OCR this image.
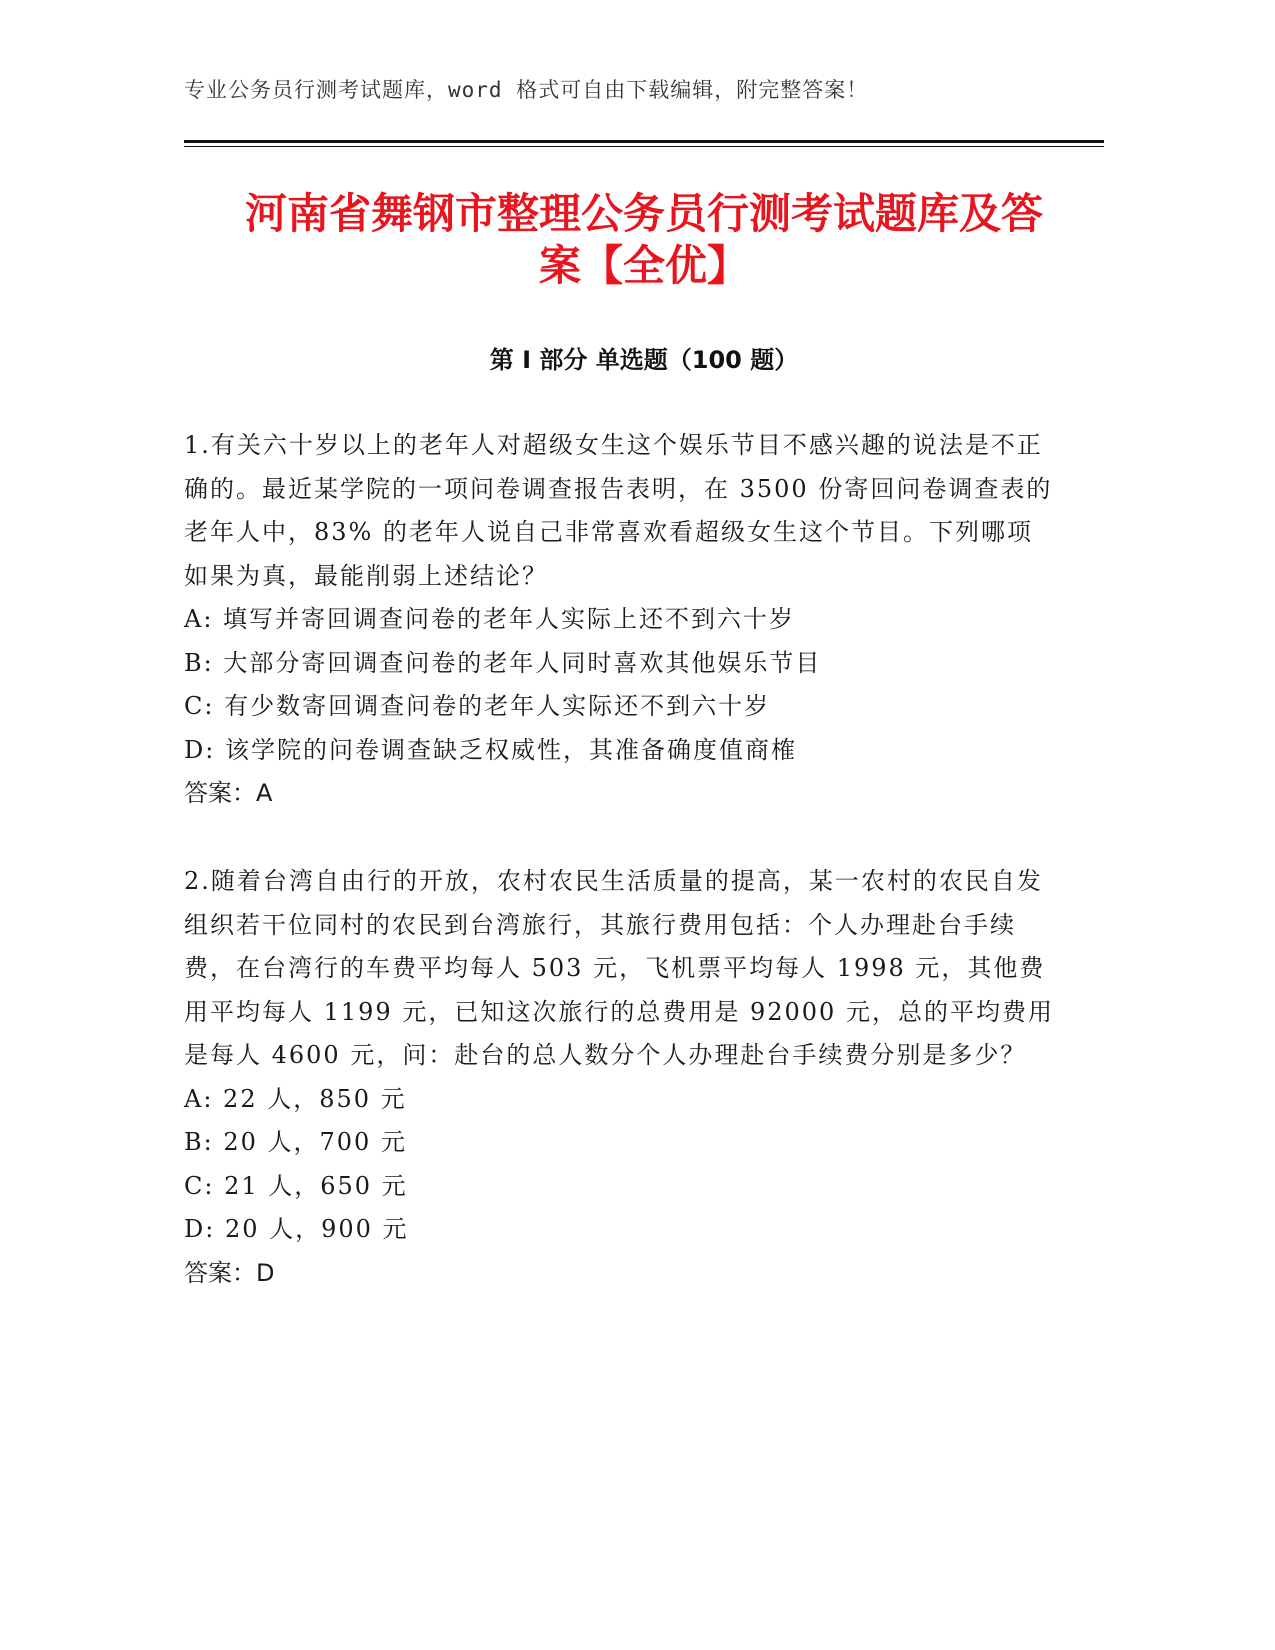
专业公务员行测考试题库，word 格式可自由下载编辑，附完整答案！
河南省舞钢市整理公务员行测考试题库及答
案【全优】
第 I 部分 单选题（100 题）

1.有关六十岁以上的老年人对超级女生这个娱乐节目不感兴趣的说法是不正确的。最近某学院的一项问卷调查报告表明，在 3500 份寄回问卷调查表的老年人中，83% 的老年人说自己非常喜欢看超级女生这个节目。下列哪项如果为真，最能削弱上述结论？

A: 填写并寄回调查问卷的老年人实际上还不到六十岁

B: 大部分寄回调查问卷的老年人同时喜欢其他娱乐节目

C: 有少数寄回调查问卷的老年人实际还不到六十岁

D: 该学院的问卷调查缺乏权威性，其准备确度值商榷

答案：A

2.随着台湾自由行的开放，农村农民生活质量的提高，某一农村的农民自发组织若干位同村的农民到台湾旅行，其旅行费用包括：个人办理赴台手续费，在台湾行的车费平均每人 503 元，飞机票平均每人 1998 元，其他费用平均每人 1199 元，已知这次旅行的总费用是 92000 元，总的平均费用是每人 4600 元，问：赴台的总人数分个人办理赴台手续费分别是多少？

A: 22 人，850 元

B: 20 人，700 元

C: 21 人，650 元

D: 20 人，900 元

答案：D
